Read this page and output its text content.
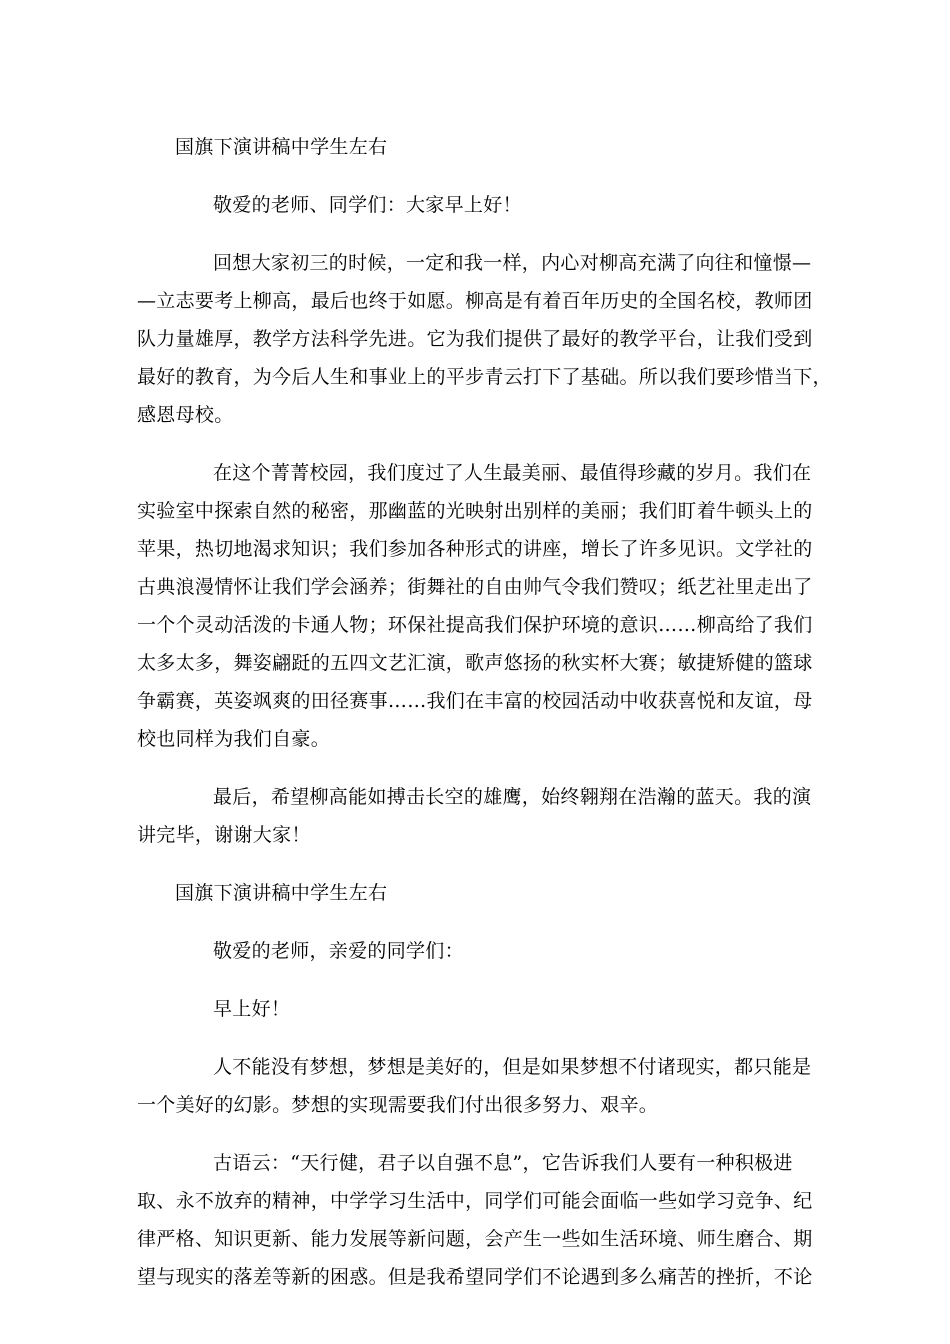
国旗下演讲稿中学生左右

敬爱的老师、同学们：大家早上好！

回想大家初三的时候，一定和我一样，内心对柳高充满了向往和憧憬—

—立志要考上柳高，最后也终于如愿。柳高是有着百年历史的全国名校，教师团

队力量雄厚，教学方法科学先进。它为我们提供了最好的教学平台，让我们受到

最好的教育，为今后人生和事业上的平步青云打下了基础。所以我们要珍惜当下，

感恩母校。

在这个菁菁校园，我们度过了人生最美丽、最值得珍藏的岁月。我们在

实验室中探索自然的秘密，那幽蓝的光映射出别样的美丽；我们盯着牛顿头上的

苹果，热切地渴求知识；我们参加各种形式的讲座，增长了许多见识。文学社的

古典浪漫情怀让我们学会涵养；街舞社的自由帅气令我们赞叹；纸艺社里走出了

一个个灵动活泼的卡通人物；环保社提高我们保护环境的意识……柳高给了我们

太多太多，舞姿翩跹的五四文艺汇演，歌声悠扬的秋实杯大赛；敏捷矫健的篮球

争霸赛，英姿飒爽的田径赛事……我们在丰富的校园活动中收获喜悦和友谊，母

校也同样为我们自豪。

最后，希望柳高能如搏击长空的雄鹰，始终翱翔在浩瀚的蓝天。我的演

讲完毕，谢谢大家！

国旗下演讲稿中学生左右

敬爱的老师，亲爱的同学们：

早上好！

人不能没有梦想，梦想是美好的，但是如果梦想不付诸现实，都只能是

一个美好的幻影。梦想的实现需要我们付出很多努力、艰辛。

古语云：“天行健，君子以自强不息”，它告诉我们人要有一种积极进

取、永不放弃的精神，中学学习生活中，同学们可能会面临一些如学习竞争、纪

律严格、知识更新、能力发展等新问题，会产生一些如生活环境、师生磨合、期

望与现实的落差等新的困惑。但是我希望同学们不论遇到多么痛苦的挫折，不论
